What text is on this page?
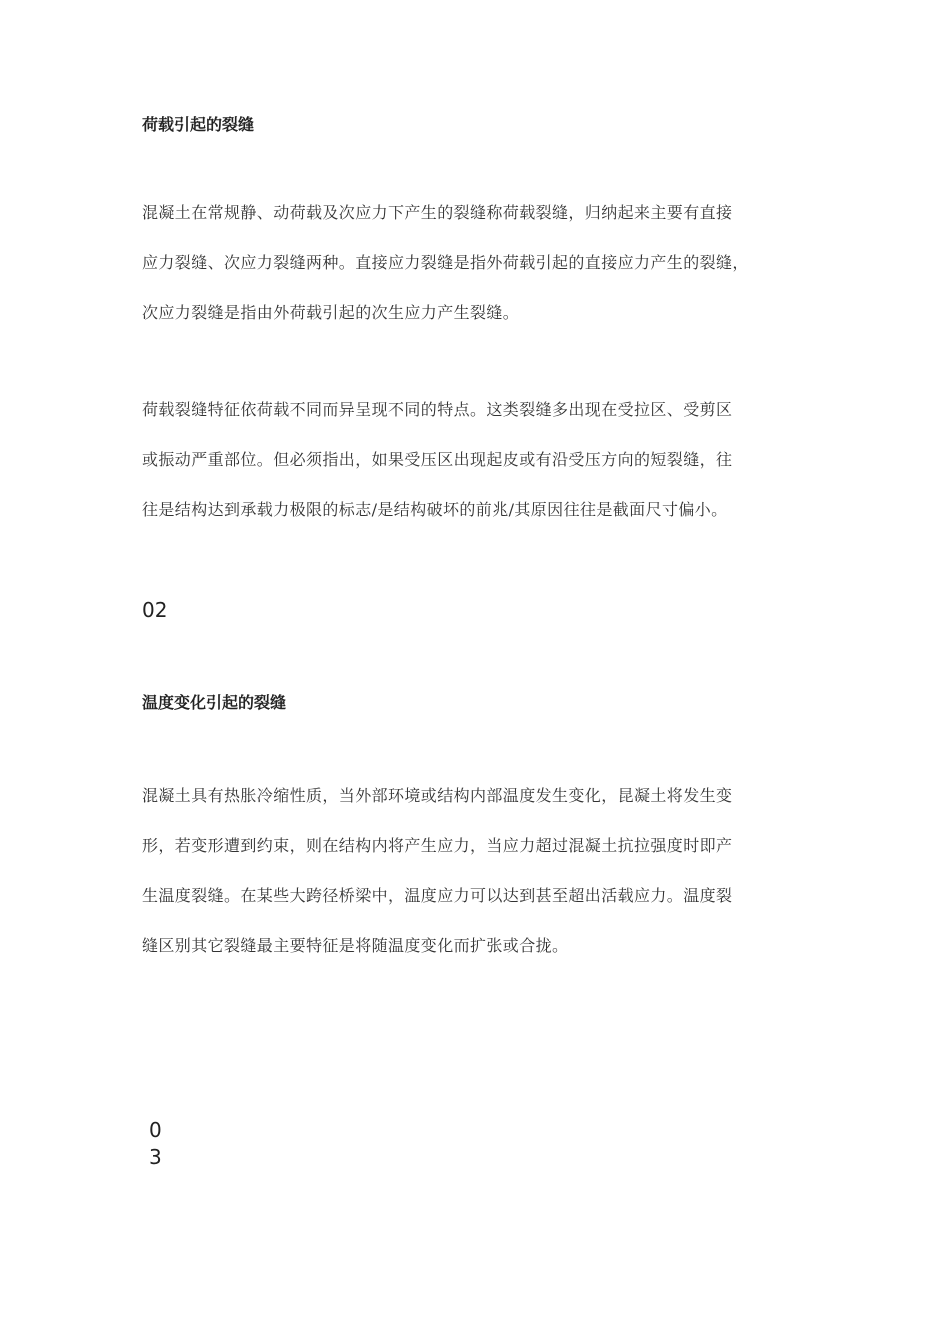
荷载引起的裂缝
混凝土在常规静、动荷载及次应力下产生的裂缝称荷载裂缝，归纳起来主要有直接
应力裂缝、次应力裂缝两种。直接应力裂缝是指外荷载引起的直接应力产生的裂缝，
次应力裂缝是指由外荷载引起的次生应力产生裂缝。
荷载裂缝特征依荷载不同而异呈现不同的特点。这类裂缝多出现在受拉区、受剪区
或振动严重部位。但必须指出，如果受压区出现起皮或有沿受压方向的短裂缝，往
往是结构达到承载力极限的标志/是结构破坏的前兆/其原因往往是截面尺寸偏小。
02
温度变化引起的裂缝
混凝土具有热胀冷缩性质，当外部环境或结构内部温度发生变化，昆凝土将发生变
形，若变形遭到约束，则在结构内将产生应力，当应力超过混凝土抗拉强度时即产
生温度裂缝。在某些大跨径桥梁中，温度应力可以达到甚至超出活载应力。温度裂
缝区别其它裂缝最主要特征是将随温度变化而扩张或合拢。
0
3
